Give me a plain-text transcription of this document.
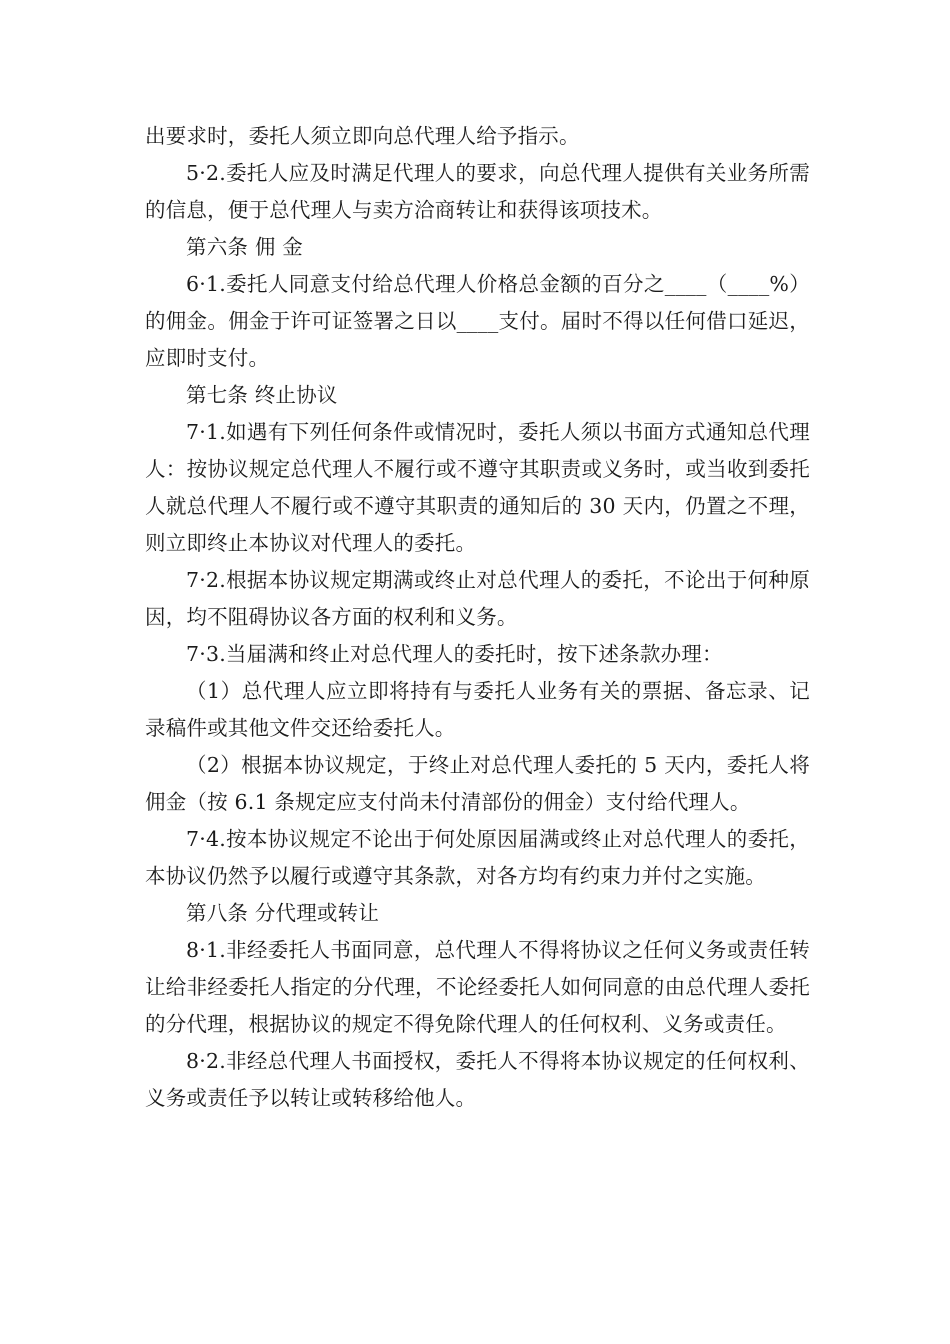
出要求时，委托人须立即向总代理人给予指示。

5·2.委托人应及时满足代理人的要求，向总代理人提供有关业务所需的信息，便于总代理人与卖方洽商转让和获得该项技术。

第六条 佣 金

6·1.委托人同意支付给总代理人价格总金额的百分之____（____%）的佣金。佣金于许可证签署之日以____支付。届时不得以任何借口延迟，应即时支付。

第七条 终止协议

7·1.如遇有下列任何条件或情况时，委托人须以书面方式通知总代理人：按协议规定总代理人不履行或不遵守其职责或义务时，或当收到委托人就总代理人不履行或不遵守其职责的通知后的 30 天内，仍置之不理，则立即终止本协议对代理人的委托。

7·2.根据本协议规定期满或终止对总代理人的委托，不论出于何种原因，均不阻碍协议各方面的权利和义务。

7·3.当届满和终止对总代理人的委托时，按下述条款办理：

（1）总代理人应立即将持有与委托人业务有关的票据、备忘录、记录稿件或其他文件交还给委托人。

（2）根据本协议规定，于终止对总代理人委托的 5 天内，委托人将佣金（按 6.1 条规定应支付尚未付清部份的佣金）支付给代理人。

7·4.按本协议规定不论出于何处原因届满或终止对总代理人的委托，本协议仍然予以履行或遵守其条款，对各方均有约束力并付之实施。

第八条 分代理或转让

8·1.非经委托人书面同意，总代理人不得将协议之任何义务或责任转让给非经委托人指定的分代理，不论经委托人如何同意的由总代理人委托的分代理，根据协议的规定不得免除代理人的任何权利、义务或责任。

8·2.非经总代理人书面授权，委托人不得将本协议规定的任何权利、义务或责任予以转让或转移给他人。
